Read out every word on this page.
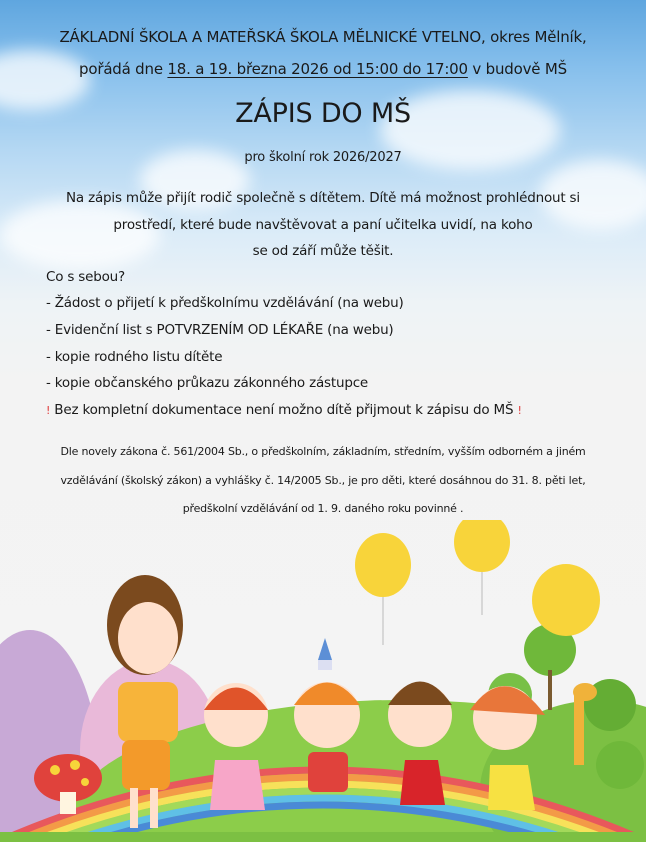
ZÁKLADNÍ ŠKOLA A MATEŘSKÁ ŠKOLA MĚLNICKÉ VTELNO, okres Mělník,
pořádá dne 18. a 19. března 2026 od 15:00 do 17:00 v budově MŠ
ZÁPIS DO MŠ
pro školní rok 2026/2027
Na zápis může přijít rodič společně s dítětem. Dítě má možnost prohlédnout si
prostředí, které bude navštěvovat a paní učitelka uvidí, na koho
se od září může těšit.
Co s sebou?
- Žádost o přijetí k předškolnímu vzdělávání (na webu)
- Evidenční list s POTVRZENÍM OD LÉKAŘE (na webu)
- kopie rodného listu dítěte
- kopie občanského průkazu zákonného zástupce
! Bez kompletní dokumentace není možno dítě přijmout k zápisu do MŠ !
Dle novely zákona č. 561/2004 Sb., o předškolním, základním, středním, vyšším odborném a jiném
vzdělávání (školský zákon) a vyhlášky č. 14/2005 Sb., je pro děti, které dosáhnou do 31. 8. pěti let,
předškolní vzdělávání od 1. 9. daného roku povinné .
